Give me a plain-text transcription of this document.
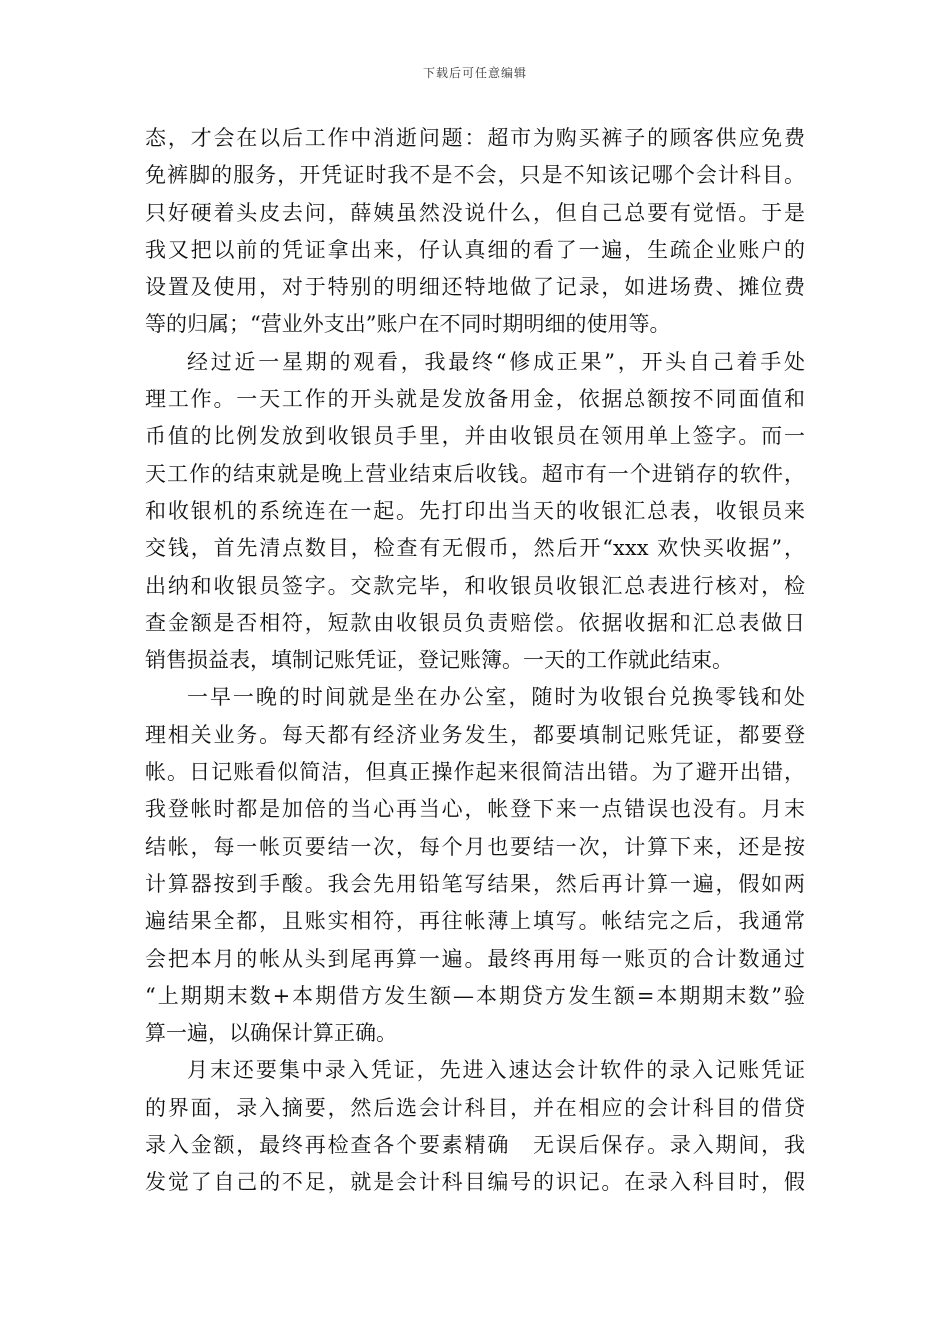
下载后可任意编辑
态，才会在以后工作中消逝问题：超市为购买裤子的顾客供应免费
免裤脚的服务，开凭证时我不是不会，只是不知该记哪个会计科目。
只好硬着头皮去问，薛姨虽然没说什么，但自己总要有觉悟。于是
我又把以前的凭证拿出来，仔认真细的看了一遍，生疏企业账户的
设置及使用，对于特别的明细还特地做了记录，如进场费、摊位费
等的归属；“营业外支出”账户在不同时期明细的使用等。
经过近一星期的观看，我最终“修成正果”，开头自己着手处
理工作。一天工作的开头就是发放备用金，依据总额按不同面值和
币值的比例发放到收银员手里，并由收银员在领用单上签字。而一
天工作的结束就是晚上营业结束后收钱。超市有一个进销存的软件，
和收银机的系统连在一起。先打印出当天的收银汇总表，收银员来
交钱，首先清点数目，检查有无假币，然后开“xxx 欢快买收据”，
出纳和收银员签字。交款完毕，和收银员收银汇总表进行核对，检
查金额是否相符，短款由收银员负责赔偿。依据收据和汇总表做日
销售损益表，填制记账凭证，登记账簿。一天的工作就此结束。
一早一晚的时间就是坐在办公室，随时为收银台兑换零钱和处
理相关业务。每天都有经济业务发生，都要填制记账凭证，都要登
帐。日记账看似简洁，但真正操作起来很简洁出错。为了避开出错，
我登帐时都是加倍的当心再当心，帐登下来一点错误也没有。月末
结帐，每一帐页要结一次，每个月也要结一次，计算下来，还是按
计算器按到手酸。我会先用铅笔写结果，然后再计算一遍，假如两
遍结果全都，且账实相符，再往帐薄上填写。帐结完之后，我通常
会把本月的帐从头到尾再算一遍。最终再用每一账页的合计数通过
“上期期末数+本期借方发生额—本期贷方发生额=本期期末数”验
算一遍，以确保计算正确。
月末还要集中录入凭证，先进入速达会计软件的录入记账凭证
的界面，录入摘要，然后选会计科目，并在相应的会计科目的借贷
录入金额，最终再检查各个要素精确　无误后保存。录入期间，我
发觉了自己的不足，就是会计科目编号的识记。在录入科目时，假
